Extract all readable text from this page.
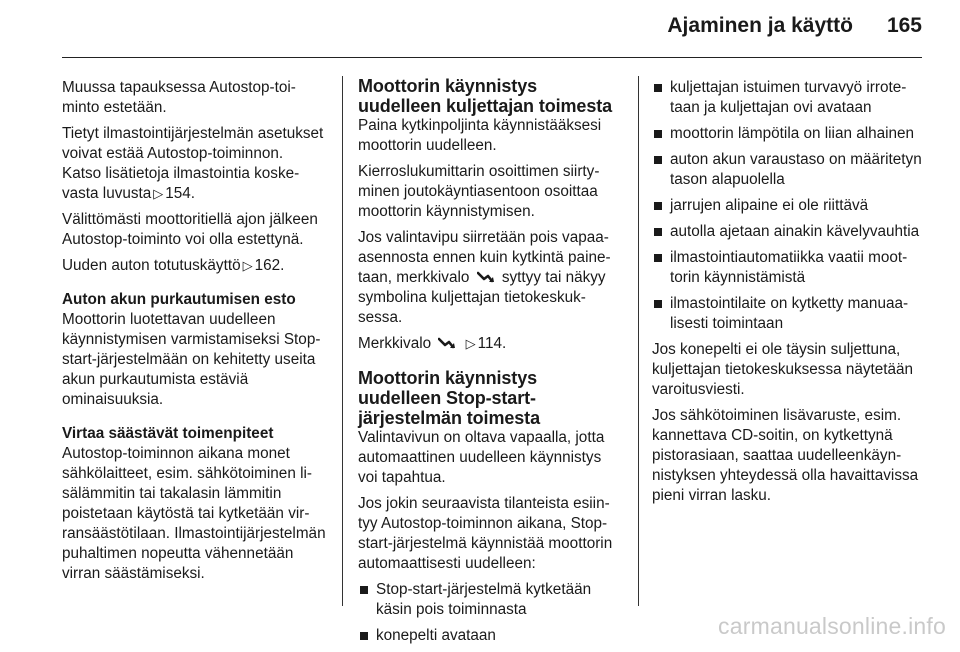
Ajaminen ja käyttö 165

Muussa tapauksessa Autostop-toiminto estetään.

Tietyt ilmastointijärjestelmän asetukset voivat estää Autostop-toiminnon. Katso lisätietoja ilmastointia koskevasta luvusta ▷ 154.

Välittömästi moottoritiellä ajon jälkeen Autostop-toiminto voi olla estettynä.

Uuden auton totutuskäyttö ▷ 162.

Auton akun purkautumisen esto

Moottorin luotettavan uudelleen käynnistymisen varmistamiseksi Stop-start-järjestelmään on kehitetty useita akun purkautumista estäviä ominaisuuksia.

Virtaa säästävät toimenpiteet

Autostop-toiminnon aikana monet sähkölaitteet, esim. sähkötoiminen lisälämmitin tai takalasin lämmitin poistetaan käytöstä tai kytketään virransäästötilaan. Ilmastointijärjestelmän puhaltimen nopeutta vähennetään virran säästämiseksi.

Moottorin käynnistys uudelleen kuljettajan toimesta

Paina kytkinpoljinta käynnistääksesi moottorin uudelleen.

Kierroslukumittarin osoittimen siirtyminen joutokäyntiasentoon osoittaa moottorin käynnistymisen.

Jos valintavipu siirretään pois vapaaasennosta ennen kuin kytkintä painetaan, merkkivalo syttyy tai näkyy symbolina kuljettajan tietokeskuksessa.

Merkkivalo	▷ 114.

Moottorin käynnistys uudelleen Stop-start-järjestelmän toimesta

Valintavivun on oltava vapaalla, jotta automaattinen uudelleen käynnistys voi tapahtua.

Jos jokin seuraavista tilanteista esiintyy Autostop-toiminnon aikana, Stop-start-järjestelmä käynnistää moottorin automaattisesti uudelleen:

Stop-start-järjestelmä kytketään käsin pois toiminnasta
konepelti avataan
kuljettajan istuimen turvavyö irrotetaan ja kuljettajan ovi avataan
moottorin lämpötila on liian alhainen
auton akun varaustaso on määritetyn tason alapuolella
jarrujen alipaine ei ole riittävä
autolla ajetaan ainakin kävelyvauhtia
ilmastointiautomatiikka vaatii moottorin käynnistämistä
ilmastointilaite on kytketty manuaalisesti toimintaan

Jos konepelti ei ole täysin suljettuna, kuljettajan tietokeskuksessa näytetään varoitusviesti.

Jos sähkötoiminen lisävaruste, esim. kannettava CD-soitin, on kytkettynä pistorasiaan, saattaa uudelleenkäynnistyksen yhteydessä olla havaittavissa pieni virran lasku.

carmanualsonline.info
